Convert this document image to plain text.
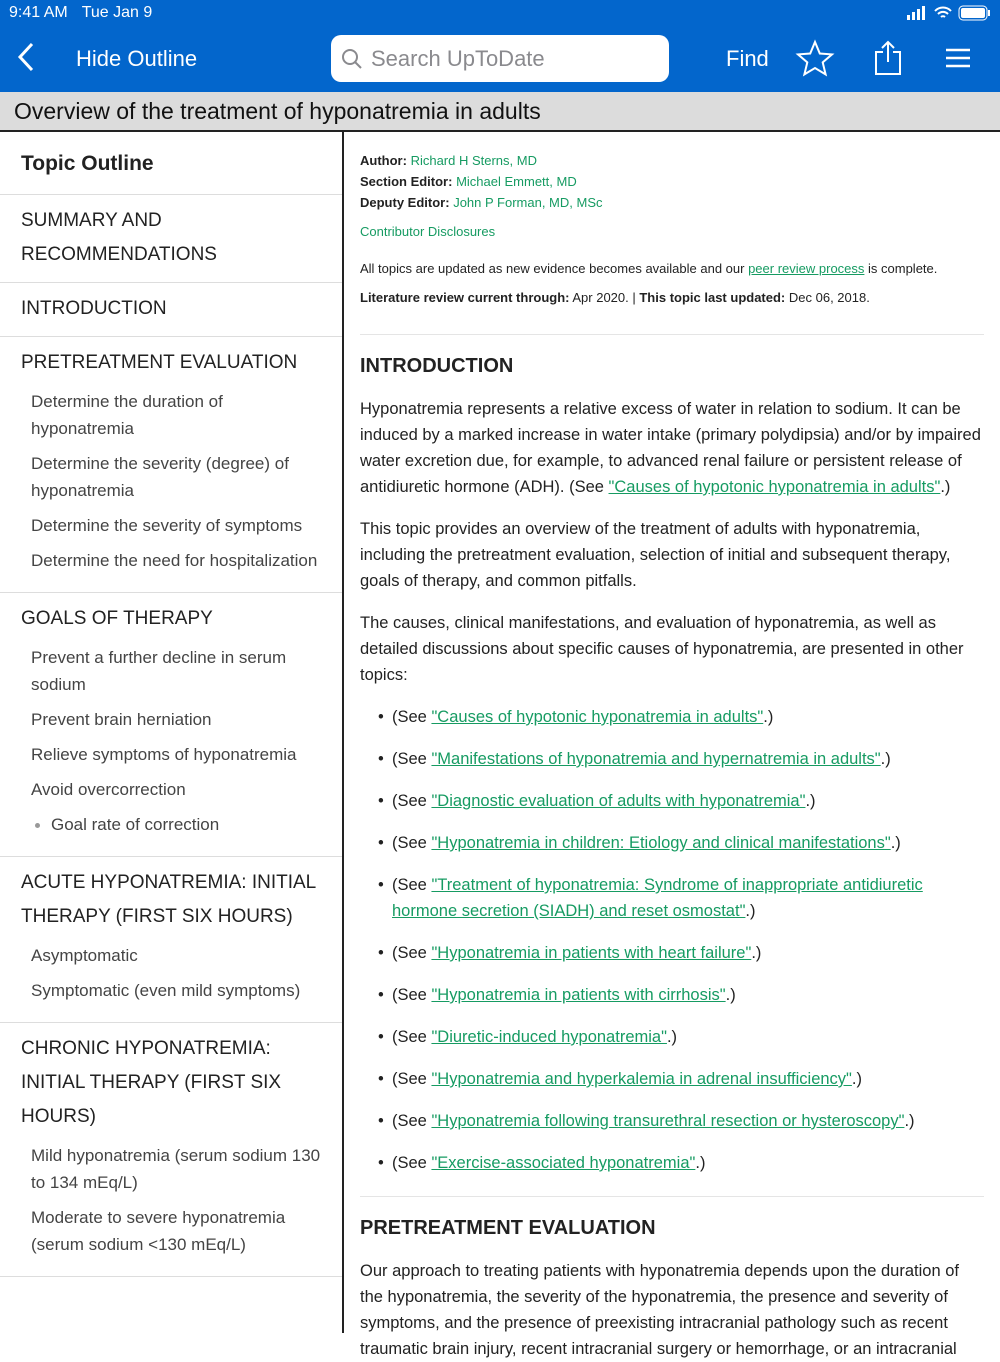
9:41 AM Tue Jan 9
Hide Outline	Search UpToDate	Find
Overview of the treatment of hyponatremia in adults
Topic Outline
SUMMARY AND RECOMMENDATIONS
INTRODUCTION
PRETREATMENT EVALUATION
Determine the duration of hyponatremia
Determine the severity (degree) of hyponatremia
Determine the severity of symptoms
Determine the need for hospitalization
GOALS OF THERAPY
Prevent a further decline in serum sodium
Prevent brain herniation
Relieve symptoms of hyponatremia
Avoid overcorrection
Goal rate of correction
ACUTE HYPONATREMIA: INITIAL THERAPY (FIRST SIX HOURS)
Asymptomatic
Symptomatic (even mild symptoms)
CHRONIC HYPONATREMIA: INITIAL THERAPY (FIRST SIX HOURS)
Mild hyponatremia (serum sodium 130 to 134 mEq/L)
Moderate to severe hyponatremia (serum sodium <130 mEq/L)
Author: Richard H Sterns, MD
Section Editor: Michael Emmett, MD
Deputy Editor: John P Forman, MD, MSc
Contributor Disclosures
All topics are updated as new evidence becomes available and our peer review process is complete.
Literature review current through: Apr 2020. | This topic last updated: Dec 06, 2018.
INTRODUCTION

Hyponatremia represents a relative excess of water in relation to sodium. It can be induced by a marked increase in water intake (primary polydipsia) and/or by impaired water excretion due, for example, to advanced renal failure or persistent release of antidiuretic hormone (ADH). (See "Causes of hypotonic hyponatremia in adults".)

This topic provides an overview of the treatment of adults with hyponatremia, including the pretreatment evaluation, selection of initial and subsequent therapy, goals of therapy, and common pitfalls.

The causes, clinical manifestations, and evaluation of hyponatremia, as well as detailed discussions about specific causes of hyponatremia, are presented in other topics:

• (See "Causes of hypotonic hyponatremia in adults".)
• (See "Manifestations of hyponatremia and hypernatremia in adults".)
• (See "Diagnostic evaluation of adults with hyponatremia".)
• (See "Hyponatremia in children: Etiology and clinical manifestations".)
• (See "Treatment of hyponatremia: Syndrome of inappropriate antidiuretic hormone secretion (SIADH) and reset osmostat".)
• (See "Hyponatremia in patients with heart failure".)
• (See "Hyponatremia in patients with cirrhosis".)
• (See "Diuretic-induced hyponatremia".)
• (See "Hyponatremia and hyperkalemia in adrenal insufficiency".)
• (See "Hyponatremia following transurethral resection or hysteroscopy".)
• (See "Exercise-associated hyponatremia".)
PRETREATMENT EVALUATION

Our approach to treating patients with hyponatremia depends upon the duration of the hyponatremia, the severity of the hyponatremia, the presence and severity of symptoms, and the presence of preexisting intracranial pathology such as recent traumatic brain injury, recent intracranial surgery or hemorrhage, or an intracranial
